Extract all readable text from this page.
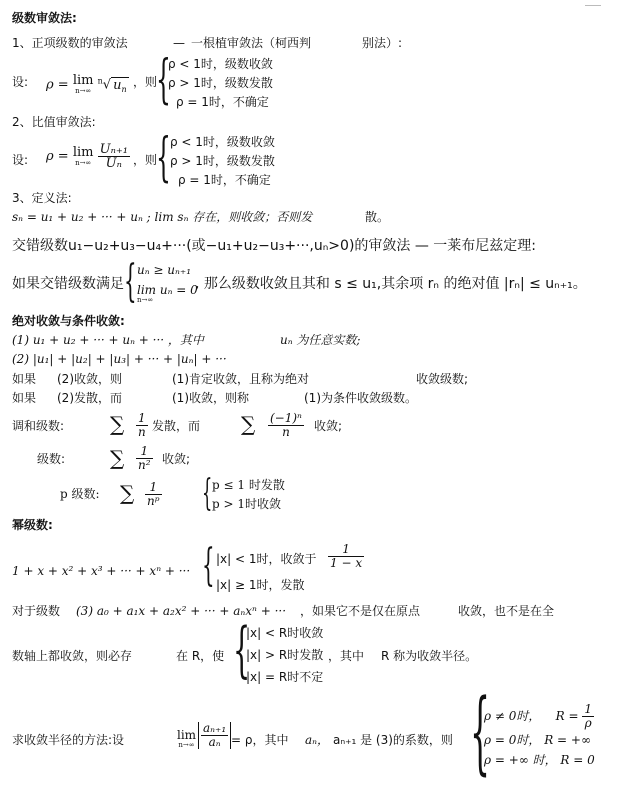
级数审敛法:
1、正项级数的审敛法	— 一根植审敛法（柯西判	别法）:
设: ρ = lim
n→∞
$^n$√ $u_n$ ，则
{
ρ < 1时，级数收敛
ρ > 1时，级数发散
ρ = 1时，不确定
2、比值审敛法:
设: ρ = lim
n→∞
$\frac{\text{Uₙ₊₁}}{\text{Uₙ}}$ ，则
{ ρ < 1时，级数收敛
ρ > 1时，级数发散
ρ = 1时，不确定
3、定义法:
sₙ = u₁ + u₂ + ··· + uₙ ; lim sₙ 存在，则收敛；否则发	散。
交错级数u₁−u₂+u₃−u₄+···(或−u₁+u₂−u₃+···,uₙ>0)的审敛法 — 一莱布尼兹定理:
如果交错级数满足 { uₙ ≥ uₙ₊₁
lim uₙ = 0
n→∞
, 那么级数收敛且其和 s ≤ u₁,其余项 rₙ 的绝对值 |rₙ| ≤ uₙ₊₁。
绝对收敛与条件收敛:
(1) u₁ + u₂ + ··· + uₙ + ··· ，其中	uₙ 为任意实数;
(2) |u₁| + |u₂| + |u₃| + ··· + |uₙ| + ···
如果 (2)收敛，则	(1)肯定收敛，且称为绝对	收敛级数;
如果 (2)发散，而	(1)收敛，则称	(1)为条件收敛级数。
调和级数: ∑ $\frac{1}{n}$ 发散，而 ∑ $\frac{\text{(−1)ⁿ}}{n}$ 收敛;
级数: ∑ $\frac{1}{\text{n²}}$ 收敛;
p 级数: ∑ $\frac{1}{\text{nᵖ}}$ { p ≤ 1 时发散
p > 1时收敛
幂级数:
1 + x + x² + x³ + ··· + xⁿ + ··· { |x| < 1时，收敛于 $\frac{1}{1 - x}$
|x| ≥ 1时，发散
对于级数 (3) a₀ + a₁x + a₂x² + ··· + aₙxⁿ + ··· ，如果它不是仅在原点	收敛，也不是在全
数轴上都收敛，则必存	在 R，使 {
|x| < R时收敛
|x| > R时发散
|x| = R时不定
，其中 R 称为收敛半径。
求收敛半径的方法:设	lim
$n\to\infty \frac{\text{aₙ₊₁}}{\text{aₙ}} = \rho$，其中 aₙ， aₙ₊₁ 是 (3)的系数，则 {
ρ ≠ 0时， $R = \frac{1}{\rho}$
ρ = 0时， R = +∞
ρ = +∞ 时， R = 0
